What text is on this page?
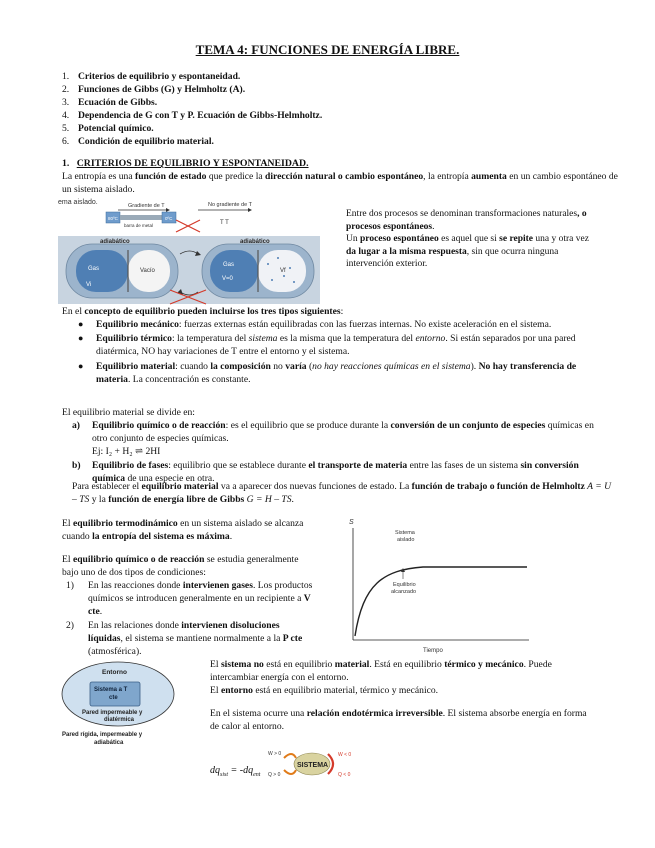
TEMA 4: FUNCIONES DE ENERGÍA LIBRE.
1. Criterios de equilibrio y espontaneidad.
2. Funciones de Gibbs (G) y Helmholtz (A).
3. Ecuación de Gibbs.
4. Dependencia de G con T y P. Ecuación de Gibbs-Helmholtz.
5. Potencial químico.
6. Condición de equilibrio material.
1. CRITERIOS DE EQUILIBRIO Y ESPONTANEIDAD.
La entropía es una función de estado que predice la dirección natural o cambio espontáneo, la entropía aumenta en un cambio espontáneo de un sistema aislado.
ema aislado.	Gradiente de T
80ºC
barra de metal
0ºC
No gradiente de T
T T
adiabático
Gas	Vacío
Vi
adiabático
Gas
V=0
Vf
Entre dos procesos se denominan transformaciones naturales, o procesos espontáneos.
Un proceso espontáneo es aquel que si se repite una y otra vez da lugar a la misma respuesta, sin que ocurra ninguna intervención exterior.
En el concepto de equilibrio pueden incluirse los tres tipos siguientes:
●	Equilibrio mecánico: fuerzas externas están equilibradas con las fuerzas internas. No existe aceleración en el sistema.
●	Equilibrio térmico: la temperatura del sistema es la misma que la temperatura del entorno. Si están separados por una pared diatérmica, NO hay variaciones de T entre el entorno y el sistema.
●	Equilibrio material: cuando la composición no varía (no hay reacciones químicas en el sistema). No hay transferencia de materia. La concentración es constante.
El equilibrio material se divide en:
a)	Equilibrio químico o de reacción: es el equilibrio que se produce durante la conversión de un conjunto de especies químicas en otro conjunto de especies químicas.
Ej: I₂ + H₂ ⇌ 2HI
b)	Equilibrio de fases: equilibrio que se establece durante el transporte de materia entre las fases de un sistema sin conversión química de una especie en otra.
Para establecer el equilibrio material va a aparecer dos nuevas funciones de estado. La función de trabajo o función de Helmholtz A = U – TS y la función de energía libre de Gibbs G = H – TS.
El equilibrio termodinámico en un sistema aislado se alcanza cuando la entropía del sistema es máxima.
El equilibrio químico o de reacción se estudia generalmente bajo uno de dos tipos de condiciones:
1)	En las reacciones donde intervienen gases. Los productos químicos se introducen generalmente en un recipiente a V cte.
2)	En las relaciones donde intervienen disoluciones líquidas, el sistema se mantiene normalmente a la P cte (atmosférica).
S
Tiempo
Sistema
aislado
Equilibrio
alcanzado
Entorno
Sistema a T
cte
Pared impermeable y
diatérmica
Pared rígida, impermeable y
adiabática
El sistema no está en equilibrio material. Está en equilibrio térmico y mecánico. Puede intercambiar energía con el entorno.
El entorno está en equilibrio material, térmico y mecánico.
En el sistema ocurre una relación endotérmica irreversible. El sistema absorbe energía en forma de calor al entorno.
W > 0
Q > 0
SISTEMA
W < 0
Q < 0
$dq_{sist} = -dq_{ent}$
